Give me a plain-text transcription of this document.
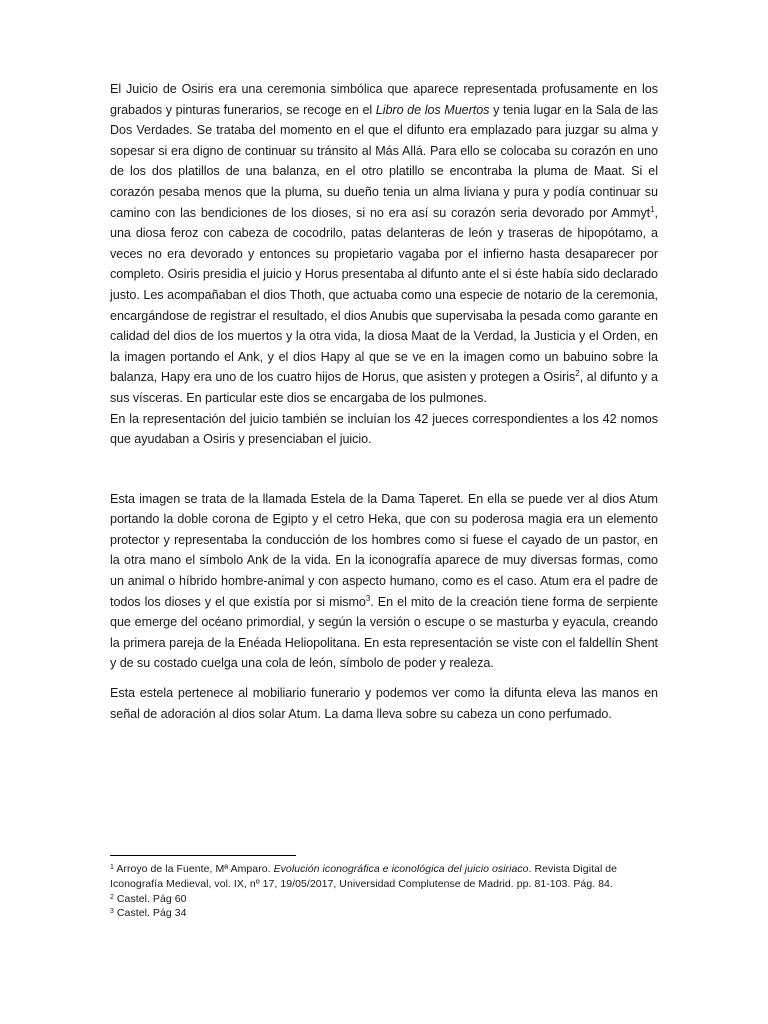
El Juicio de Osiris era una ceremonia simbólica que aparece representada profusamente en los grabados y pinturas funerarios, se recoge en el Libro de los Muertos y tenia lugar en la Sala de las Dos Verdades. Se trataba del momento en el que el difunto era emplazado para juzgar su alma y sopesar si era digno de continuar su tránsito al Más Allá. Para ello se colocaba su corazón en uno de los dos platillos de una balanza, en el otro platillo se encontraba la pluma de Maat. Si el corazón pesaba menos que la pluma, su dueño tenia un alma liviana y pura y podía continuar su camino con las bendiciones de los dioses, si no era así su corazón seria devorado por Ammyt$^1$, una diosa feroz con cabeza de cocodrilo, patas delanteras de león y traseras de hipopótamo, a veces no era devorado y entonces su propietario vagaba por el infierno hasta desaparecer por completo. Osiris presidia el juicio y Horus presentaba al difunto ante el si éste había sido declarado justo. Les acompañaban el dios Thoth, que actuaba como una especie de notario de la ceremonia, encargándose de registrar el resultado, el dios Anubis que supervisaba la pesada como garante en calidad del dios de los muertos y la otra vida, la diosa Maat de la Verdad, la Justicia y el Orden, en la imagen portando el Ank, y el dios Hapy al que se ve en la imagen como un babuino sobre la balanza, Hapy era uno de los cuatro hijos de Horus, que asisten y protegen a Osiris$^2$, al difunto y a sus vísceras. En particular este dios se encargaba de los pulmones.

En la representación del juicio también se incluían los 42 jueces correspondientes a los 42 nomos que ayudaban a Osiris y presenciaban el juicio.

Esta imagen se trata de la llamada Estela de la Dama Taperet. En ella se puede ver al dios Atum portando la doble corona de Egipto y el cetro Heka, que con su poderosa magia era un elemento protector y representaba la conducción de los hombres como si fuese el cayado de un pastor, en la otra mano el símbolo Ank de la vida. En la iconografía aparece de muy diversas formas, como un animal o híbrido hombre-animal y con aspecto humano, como es el caso. Atum era el padre de todos los dioses y el que existía por si mismo$^3$. En el mito de la creación tiene forma de serpiente que emerge del océano primordial, y según la versión o escupe o se masturba y eyacula, creando la primera pareja de la Enéada Heliopolitana. En esta representación se viste con el faldellín Shent y de su costado cuelga una cola de león, símbolo de poder y realeza.

Esta estela pertenece al mobiliario funerario y podemos ver como la difunta eleva las manos en señal de adoración al dios solar Atum. La dama lleva sobre su cabeza un cono perfumado.

$^1$ Arroyo de la Fuente, Mª Amparo. Evolución iconográfica e iconológica del juicio osiriaco. Revista Digital de Iconografía Medieval, vol. IX, nº 17, 19/05/2017, Universidad Complutense de Madrid. pp. 81-103. Pág. 84.

$^2$ Castel. Pág 60

$^3$ Castel. Pág 34
